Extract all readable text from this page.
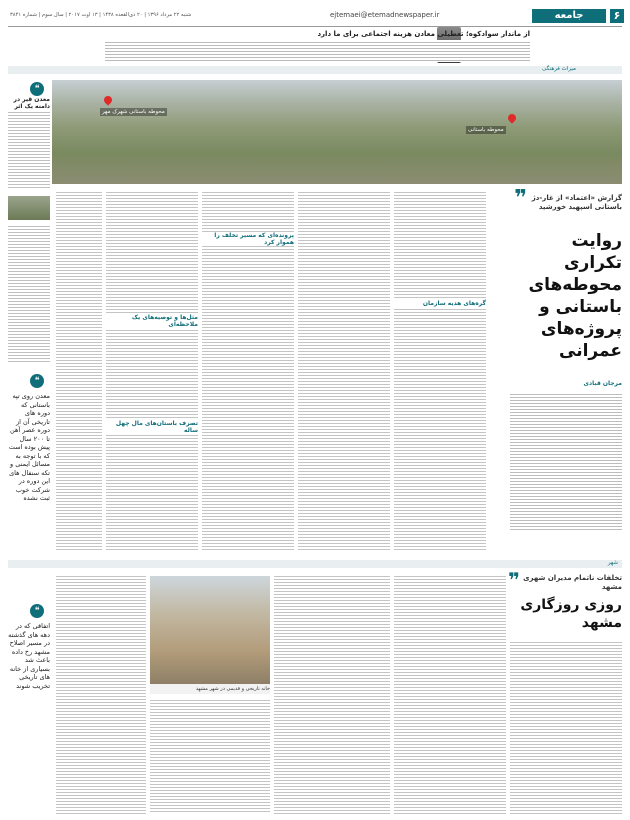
۶
جامعه
ejtemaei@etemadnewspaper.ir
شنبه ۲۲ مرداد ۱۳۹۶ | ۲۰ ذی‌القعده ۱۴۳۸ | ۱۳ اوت ۲۰۱۷ | سال سوم | شماره ۳۸۴۱
از ماندار سوادکوه؛ تعطیلی معادن هزینه اجتماعی برای ما دارد
میراث فرهنگی
محوطه باستانی شهرک مهر
محوطه باستانی
❝
معدن قیر در دامنه یک اثر
❝
معدن روی تپه باستانی که دوره های تاریخی آن از دوره عصر آهن تا ۲۰۰ سال پیش بوده است که با توجه به مسائل ایمنی و تکه سنفال های این دوره در شرکت خوب ثبت نشده
❞ گزارش «اعتماد» از غار-دژ باستانی اسپهبد خورشید
روایت تکراری محوطه‌های باستانی و پروژه‌های عمرانی
مرجان قبادی
گره‌های هدیه سازمان
پرونده‌ای که مسیر تخلف را هموار کرد
مثل‌ها و توصیه‌های یک ملاحظه‌ای
تصرف باستان‌های مال چهل ساله
شهر
❞ تخلفات ناتمام مدیران شهری مشهد
روزی روزگاری مشهد
خانه تاریخی و قدیمی در شهر مشهد
❝
اتفاقی که در دهه های گذشته در مسیر اصلاح مشهد رخ داده باعث شد بسیاری از خانه های تاریخی تخریب شوند
